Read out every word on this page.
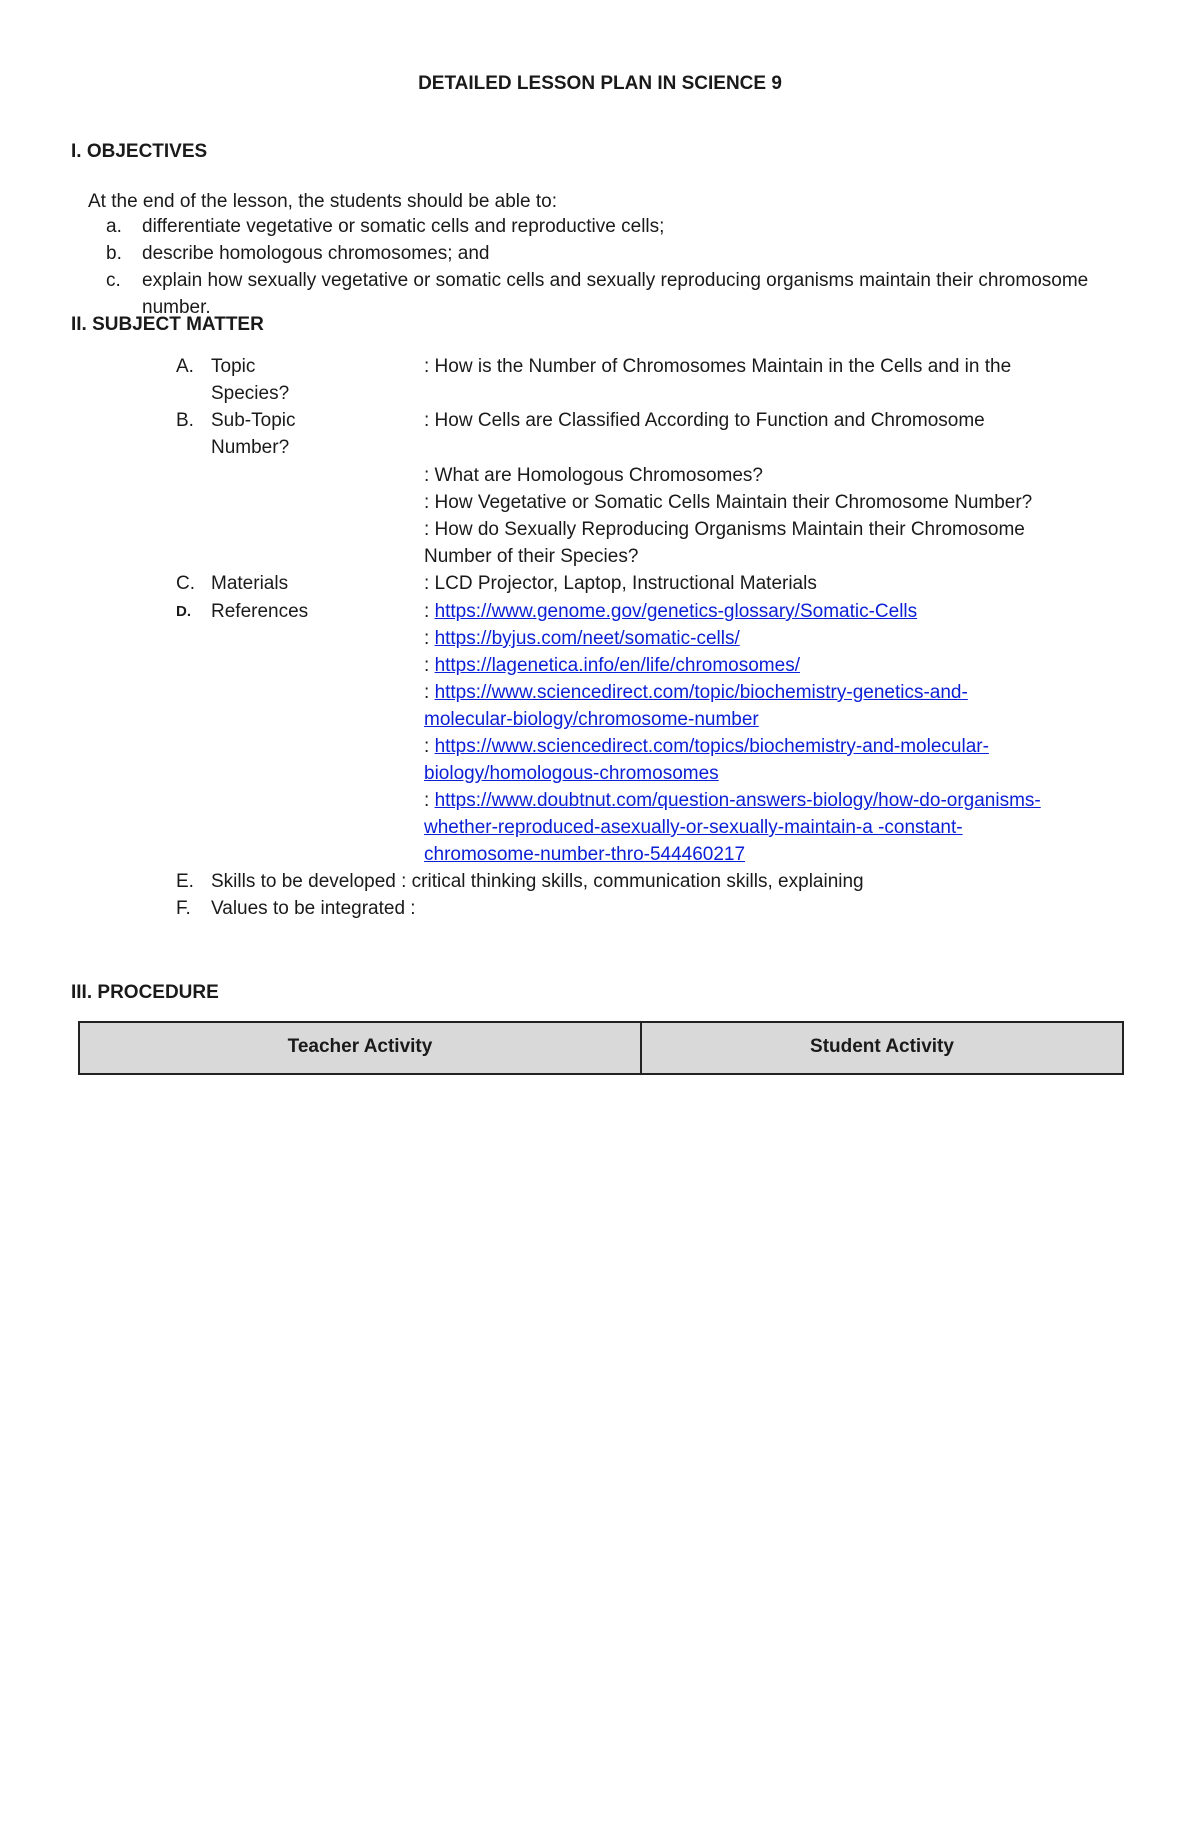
DETAILED LESSON PLAN IN SCIENCE 9
I. OBJECTIVES
At the end of the lesson, the students should be able to:
a.	differentiate vegetative or somatic cells and reproductive cells;
b.	describe homologous chromosomes; and
c.	explain how sexually vegetative or somatic cells and sexually reproducing organisms maintain their chromosome number.
II. SUBJECT MATTER
A. Topic	: How is the Number of Chromosomes Maintain in the Cells and in the
Species?
B. Sub-Topic	: How Cells are Classified According to Function and Chromosome
Number?
: What are Homologous Chromosomes?
: How Vegetative or Somatic Cells Maintain their Chromosome Number?
: How do Sexually Reproducing Organisms Maintain their Chromosome
Number of their Species?
C. Materials	: LCD Projector, Laptop, Instructional Materials
D.	References	: https://www.genome.gov/genetics-glossary/Somatic-Cells
: https://byjus.com/neet/somatic-cells/
: https://lagenetica.info/en/life/chromosomes/
: https://www.sciencedirect.com/topic/biochemistry-genetics-and-
molecular-biology/chromosome-number
: https://www.sciencedirect.com/topics/biochemistry-and-molecular-
biology/homologous-chromosomes
: https://www.doubtnut.com/question-answers-biology/how-do-organisms-
whether-reproduced-asexually-or-sexually-maintain-a -constant-
chromosome-number-thro-544460217
E. Skills to be developed : critical thinking skills, communication skills, explaining
F.	Values to be integrated :
III. PROCEDURE
Teacher Activity	Student Activity
